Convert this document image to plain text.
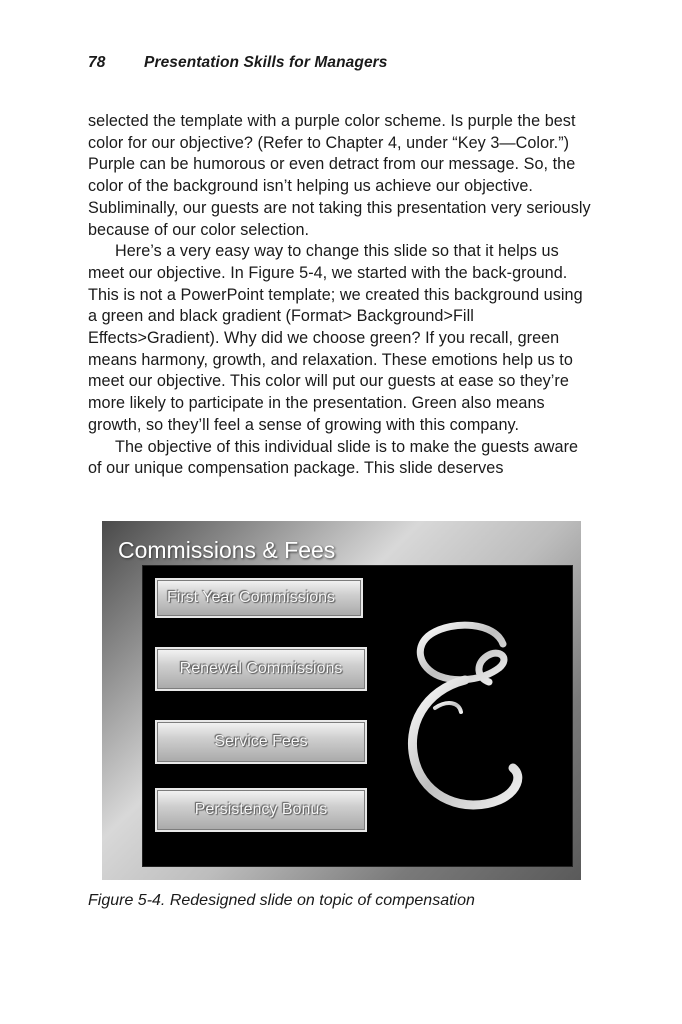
78 Presentation Skills for Managers

selected the template with a purple color scheme. Is purple the best color for our objective? (Refer to Chapter 4, under “Key 3—Color.”) Purple can be humorous or even detract from our message. So, the color of the background isn’t helping us achieve our objective. Subliminally, our guests are not taking this presentation very seriously because of our color selection.

Here’s a very easy way to change this slide so that it helps us meet our objective. In Figure 5-4, we started with the back-ground. This is not a PowerPoint template; we created this background using a green and black gradient (Format> Background>Fill Effects>Gradient). Why did we choose green? If you recall, green means harmony, growth, and relaxation. These emotions help us to meet our objective. This color will put our guests at ease so they’re more likely to participate in the presentation. Green also means growth, so they’ll feel a sense of growing with this company.

The objective of this individual slide is to make the guests aware of our unique compensation package. This slide deserves

Commissions & Fees
First Year Commissions
Renewal Commissions
Service Fees
Persistency Bonus
Figure 5-4. Redesigned slide on topic of compensation
